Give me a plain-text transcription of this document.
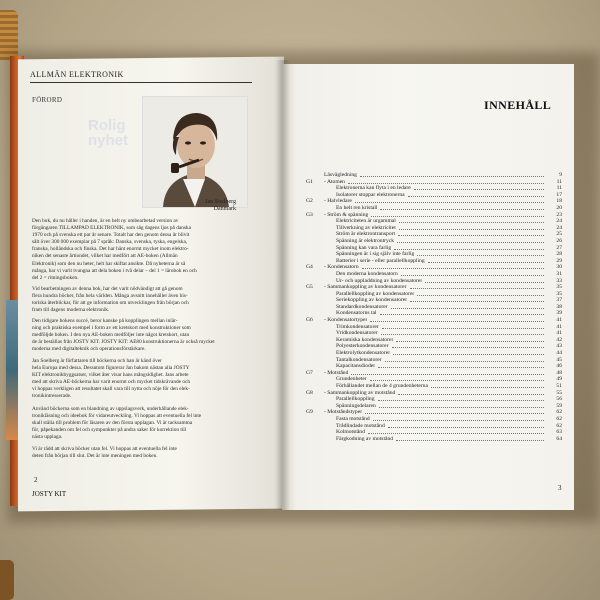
ALLMÄN ELEKTRONIK
FÖRORD
Rolig
nyhet
Jan Soelberg
Danmark
Den bok, du nu håller i handen, är en helt ny ombearbetad version av
förgängaren TILLÄMPAD ELEKTRONIK, som såg dagens ljus på danska
1970 och på svenska ett par år senare. Totalt har den genom dessa år blivit
sålt över 300 000 exemplar på 7 språk: Danska, svenska, tyska, engelska,
franska, holländska och finska. Det har hänt enormt mycket inom elektro-
niken det senaste årtiondet, vilket har medfört att AE-boken (Allmän
Elektronik) som den nu heter, helt har skiftat ansikte. Då nyheterna är så
många, har vi varit tvungna att dela boken i två delar – del 1 = lärobok en och
del 2 = ritningsboken.
Vid bearbetningen av denna bok, har det varit nödvändigt att gå genom
flera hundra böcker, från hela världen. Många avsnitt innehåller även his-
toriska återblickar, för att ge information om utvecklingen från början och
fram till dagens moderna elektronik.
Den tidigare bokens succé, beror kanske på kopplingen mellan inlär-
ning och praktiska exempel i form av ett kretskort med konstruktioner som
medföljde boken. I den nya AE-boken medföljer inte något kretskort, utan
de är beställas från JOSTY KIT. JOSTY KIT: AE80 konstruktionerna är också mycket
moderna med digitalteknik och operationsförstärkare.
Jan Soelberg är författaren till böckerna och han är känd över
hela Europa med dessa. Dessutom figurerar Jan bakom nästan alla JOSTY
KIT elektronikbyggsatser, vilket åter visar hans mångsidighet. Jans arbete
med att skriva AE-böckerna har varit enormt och mycket tidskrävande och
vi hoppas verkligen att resultatet skall vara till nytta och nöje för den elek-
tronikintresserade.
Använd böckerna som en blandning av uppslagsverk, underhållande elek-
tronikläsning och ideebok för vidareutveckling. Vi hoppas att eventuella fel inte
skall stälia till problem för läsaren av den första upplagan. Vi är tacksamma
för, påpekanden om fel och sympunkter på andra saker för korrektion till
nästa upplaga.
Vi är rädd att skriva böcker utan fel. Vi hoppas att eventuella fel inte
deten från början till slut. Det är inte meningen med boken.
2
JOSTY KIT
INNEHÅLL
Läsvägledning	9
G1	- Atomen	11
Elektronerna kan flyta i en ledare	11
Isolatorer stoppar elektronerna	17
G2	- Halvledare	18
En helt ren kristall	20
G3	- Ström & spänning	23
Elektriciteten är urgammal	24
Tillverkning av elektricitet	24
Ström är elektrontransport	25
Spänning är elektrontryck	26
Spänning kan vara farlig	27
Spänningen är i sig själv inte farlig	28
Batterier i serie - eller parallellkoppling	29
G4	- Kondensatorn	30
Den moderna kondensatorn	31
Ur- och uppladdning av kondensatorer	33
G5	- Sammankoppling av kondensatorer	35
Parallellkoppling av kondensatorer	35
Seriekoppling av kondensatorer	37
Standardkondensatorer	38
Kondensatorns tal	39
G6	- Kondensatortyper	41
Trimkondensatorer	41
Vridkondensatorer	41
Keramiska kondensatorer	42
Polyesterkondensatorer	43
Elektrolytkondensatorer	44
Tantalkondensatorer	45
Kapacitansdioder	46
G7	- Motstånd	48
Grundenheter	49
Förhållandet mellan de 4 grundenheterna	51
G8	- Sammankoppling av motstånd	55
Parallellkoppling	56
Spänningsdelaren	59
G9	- Motståndstyper	62
Fasta motstånd	62
Trådlindade motstånd	62
Kolmotstånd	63
Färgkodning av motstånd	64
3
